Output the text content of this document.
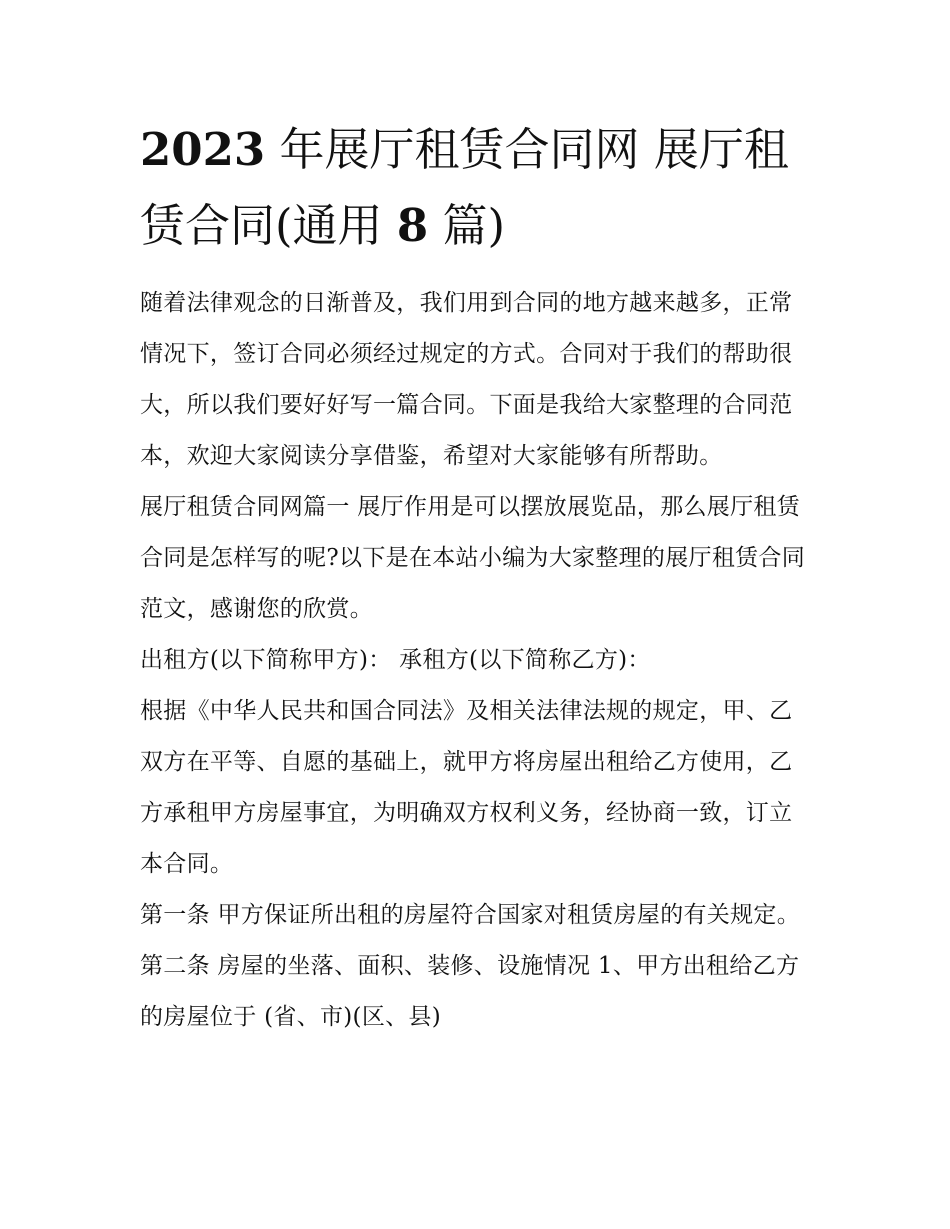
2023 年展厅租赁合同网 展厅租赁合同(通用 8 篇)

随着法律观念的日渐普及，我们用到合同的地方越来越多，正常情况下，签订合同必须经过规定的方式。合同对于我们的帮助很大，所以我们要好好写一篇合同。下面是我给大家整理的合同范本，欢迎大家阅读分享借鉴，希望对大家能够有所帮助。

展厅租赁合同网篇一 展厅作用是可以摆放展览品，那么展厅租赁合同是怎样写的呢?以下是在本站小编为大家整理的展厅租赁合同范文，感谢您的欣赏。

出租方(以下简称甲方)： 承租方(以下简称乙方)：

根据《中华人民共和国合同法》及相关法律法规的规定，甲、乙双方在平等、自愿的基础上，就甲方将房屋出租给乙方使用，乙方承租甲方房屋事宜，为明确双方权利义务，经协商一致，订立本合同。

第一条 甲方保证所出租的房屋符合国家对租赁房屋的有关规定。 第二条 房屋的坐落、面积、装修、设施情况 1、甲方出租给乙方的房屋位于 (省、市)(区、县)
